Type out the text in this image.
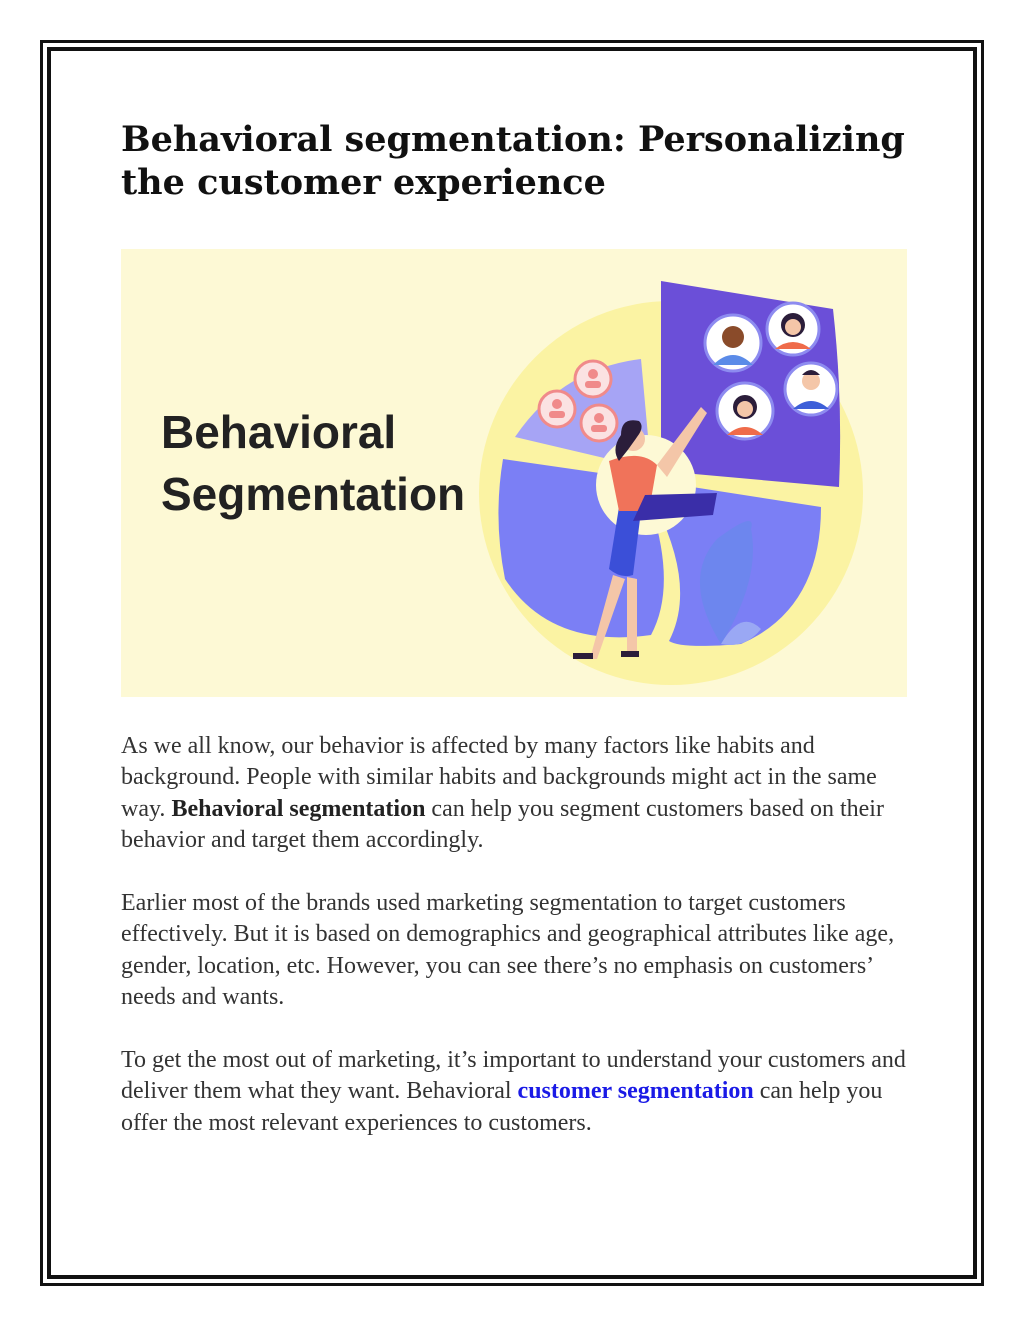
Behavioral segmentation: Personalizing the customer experience
Behavioral
Segmentation

As we all know, our behavior is affected by many factors like habits and background. People with similar habits and backgrounds might act in the same way. Behavioral segmentation can help you segment customers based on their behavior and target them accordingly.

Earlier most of the brands used marketing segmentation to target customers effectively. But it is based on demographics and geographical attributes like age, gender, location, etc. However, you can see there’s no emphasis on customers’ needs and wants.

To get the most out of marketing, it’s important to understand your customers and deliver them what they want. Behavioral customer segmentation can help you offer the most relevant experiences to customers.
